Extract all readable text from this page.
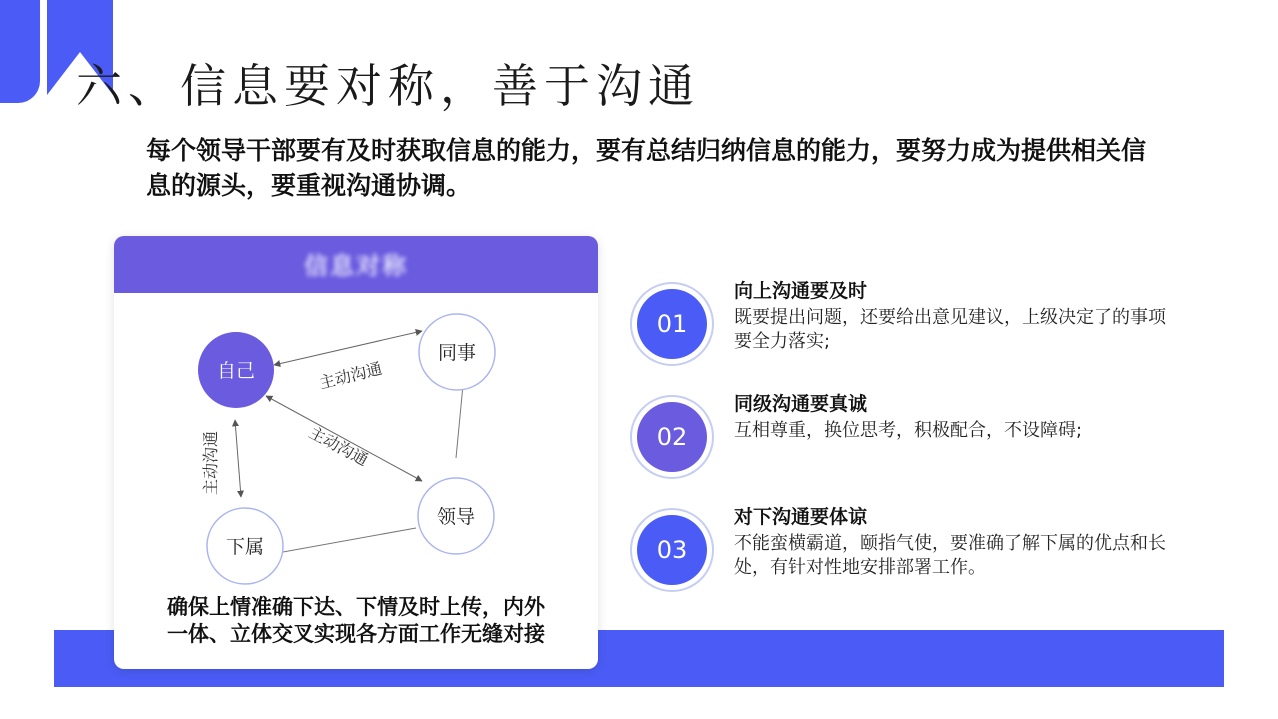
六、信息要对称，善于沟通
每个领导干部要有及时获取信息的能力，要有总结归纳信息的能力，要努力成为提供相关信息的源头，要重视沟通协调。
信息对称
主动沟通
主动沟通
主动沟通
自己
同事
领导
下属
确保上情准确下达、下情及时上传，内外
一体、立体交叉实现各方面工作无缝对接
01
向上沟通要及时
既要提出问题，还要给出意见建议，上级决定了的事项要全力落实;
02
同级沟通要真诚
互相尊重，换位思考，积极配合，不设障碍;
03
对下沟通要体谅
不能蛮横霸道，颐指气使，要准确了解下属的优点和长处，有针对性地安排部署工作。
